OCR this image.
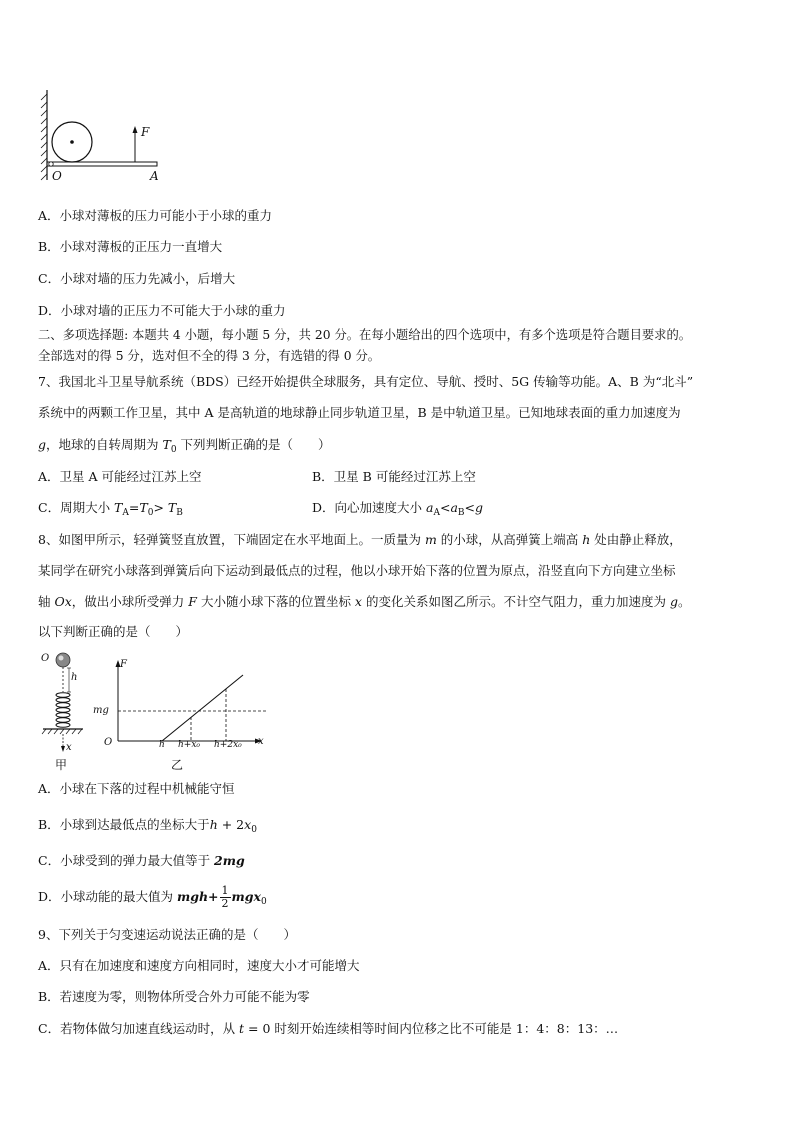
F
O	A
A．小球对薄板的压力可能小于小球的重力
B．小球对薄板的正压力一直增大
C．小球对墙的压力先减小，后增大
D．小球对墙的正压力不可能大于小球的重力
二、多项选择题: 本题共 4 小题，每小题 5 分，共 20 分。在每小题给出的四个选项中，有多个选项是符合题目要求的。
全部选对的得 5 分，选对但不全的得 3 分，有选错的得 0 分。
7、我国北斗卫星导航系统（BDS）已经开始提供全球服务，具有定位、导航、授时、5G 传输等功能。A、B 为“北斗”
系统中的两颗工作卫星，其中 A 是高轨道的地球静止同步轨道卫星，B 是中轨道卫星。已知地球表面的重力加速度为
g，地球的自转周期为 $T_0$ 下列判断正确的是（　　）
A．卫星 A 可能经过江苏上空	B．卫星 B 可能经过江苏上空
C．周期大小 $T_A=T_0> T_B$	D．向心加速度大小 $a_A<a_B<g$
8、如图甲所示，轻弹簧竖直放置，下端固定在水平地面上。一质量为 m 的小球，从高弹簧上端高 h 处由静止释放，
某同学在研究小球落到弹簧后向下运动到最低点的过程，他以小球开始下落的位置为原点，沿竖直向下方向建立坐标
轴 Ox，做出小球所受弹力 F 大小随小球下落的位置坐标 x 的变化关系如图乙所示。不计空气阻力，重力加速度为 g。
以下判断正确的是（　　）
O
h
x
F
mg
O	h h+x₀ h+2x₀ x
甲	乙
A．小球在下落的过程中机械能守恒
B．小球到达最低点的坐标大于$h + 2x_0$
C．小球受到的弹力最大值等于 2mg
D．小球动能的最大值为 $mgh+ \frac{1}{2} mgx_0$
9、下列关于匀变速运动说法正确的是（　　）
A．只有在加速度和速度方向相同时，速度大小才可能增大
B．若速度为零，则物体所受合外力可能不能为零
C．若物体做匀加速直线运动时，从 t = 0 时刻开始连续相等时间内位移之比不可能是 1：4：8：13：…
